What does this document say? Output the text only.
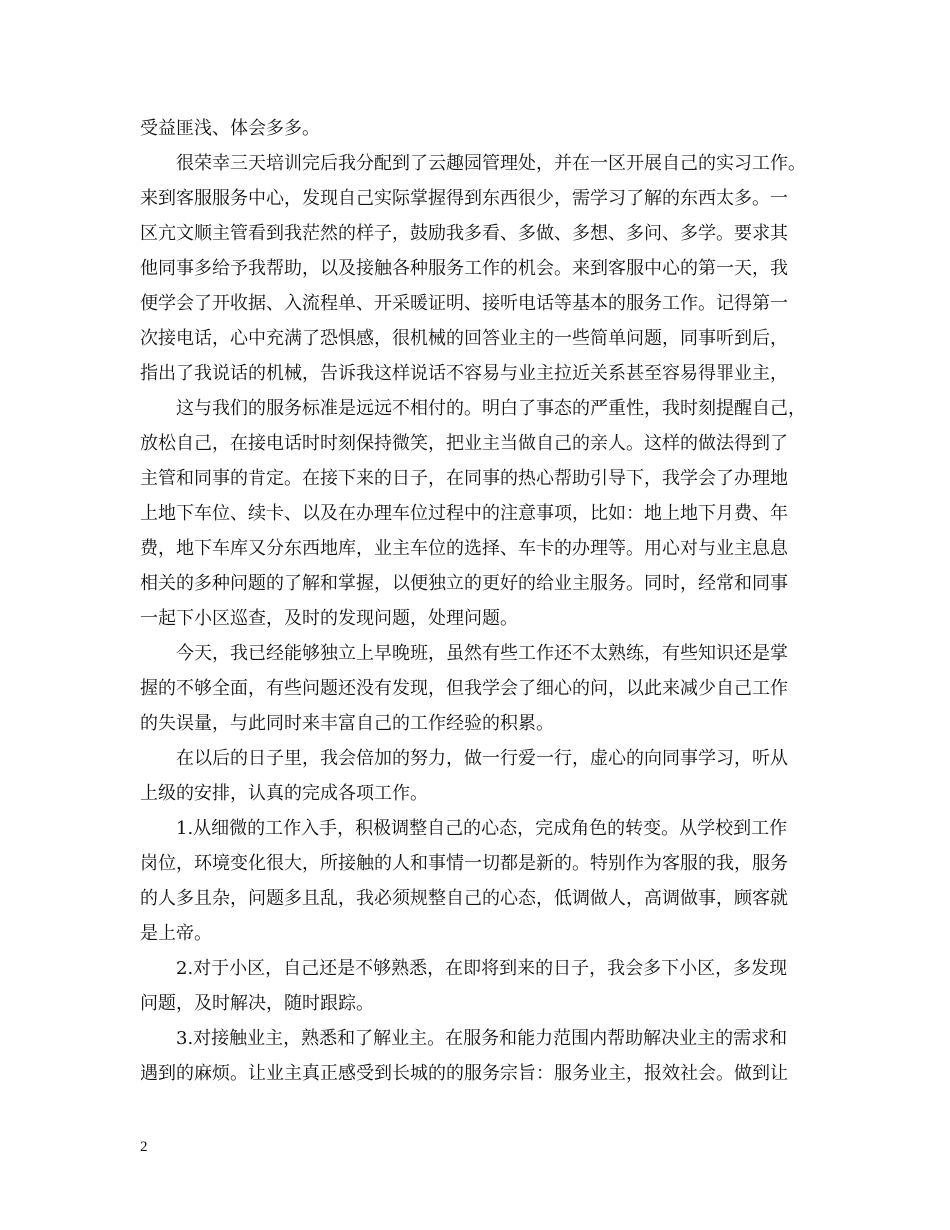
受益匪浅、体会多多。
很荣幸三天培训完后我分配到了云趣园管理处，并在一区开展自己的实习工作。
来到客服服务中心，发现自己实际掌握得到东西很少，需学习了解的东西太多。一
区亢文顺主管看到我茫然的样子，鼓励我多看、多做、多想、多问、多学。要求其
他同事多给予我帮助，以及接触各种服务工作的机会。来到客服中心的第一天，我
便学会了开收据、入流程单、开采暖证明、接听电话等基本的服务工作。记得第一
次接电话，心中充满了恐惧感，很机械的回答业主的一些简单问题，同事听到后，
指出了我说话的机械，告诉我这样说话不容易与业主拉近关系甚至容易得罪业主，
这与我们的服务标准是远远不相付的。明白了事态的严重性，我时刻提醒自己，
放松自己，在接电话时时刻保持微笑，把业主当做自己的亲人。这样的做法得到了
主管和同事的肯定。在接下来的日子，在同事的热心帮助引导下，我学会了办理地
上地下车位、续卡、以及在办理车位过程中的注意事项，比如：地上地下月费、年
费，地下车库又分东西地库，业主车位的选择、车卡的办理等。用心对与业主息息
相关的多种问题的了解和掌握，以便独立的更好的给业主服务。同时，经常和同事
一起下小区巡查，及时的发现问题，处理问题。
今天，我已经能够独立上早晚班，虽然有些工作还不太熟练，有些知识还是掌
握的不够全面，有些问题还没有发现，但我学会了细心的问，以此来减少自己工作
的失误量，与此同时来丰富自己的工作经验的积累。
在以后的日子里，我会倍加的努力，做一行爱一行，虚心的向同事学习，听从
上级的安排，认真的完成各项工作。
1.从细微的工作入手，积极调整自己的心态，完成角色的转变。从学校到工作
岗位，环境变化很大，所接触的人和事情一切都是新的。特别作为客服的我，服务
的人多且杂，问题多且乱，我必须规整自己的心态，低调做人，高调做事，顾客就
是上帝。
2.对于小区，自己还是不够熟悉，在即将到来的日子，我会多下小区，多发现
问题，及时解决，随时跟踪。
3.对接触业主，熟悉和了解业主。在服务和能力范围内帮助解决业主的需求和
遇到的麻烦。让业主真正感受到长城的的服务宗旨：服务业主，报效社会。做到让
2
